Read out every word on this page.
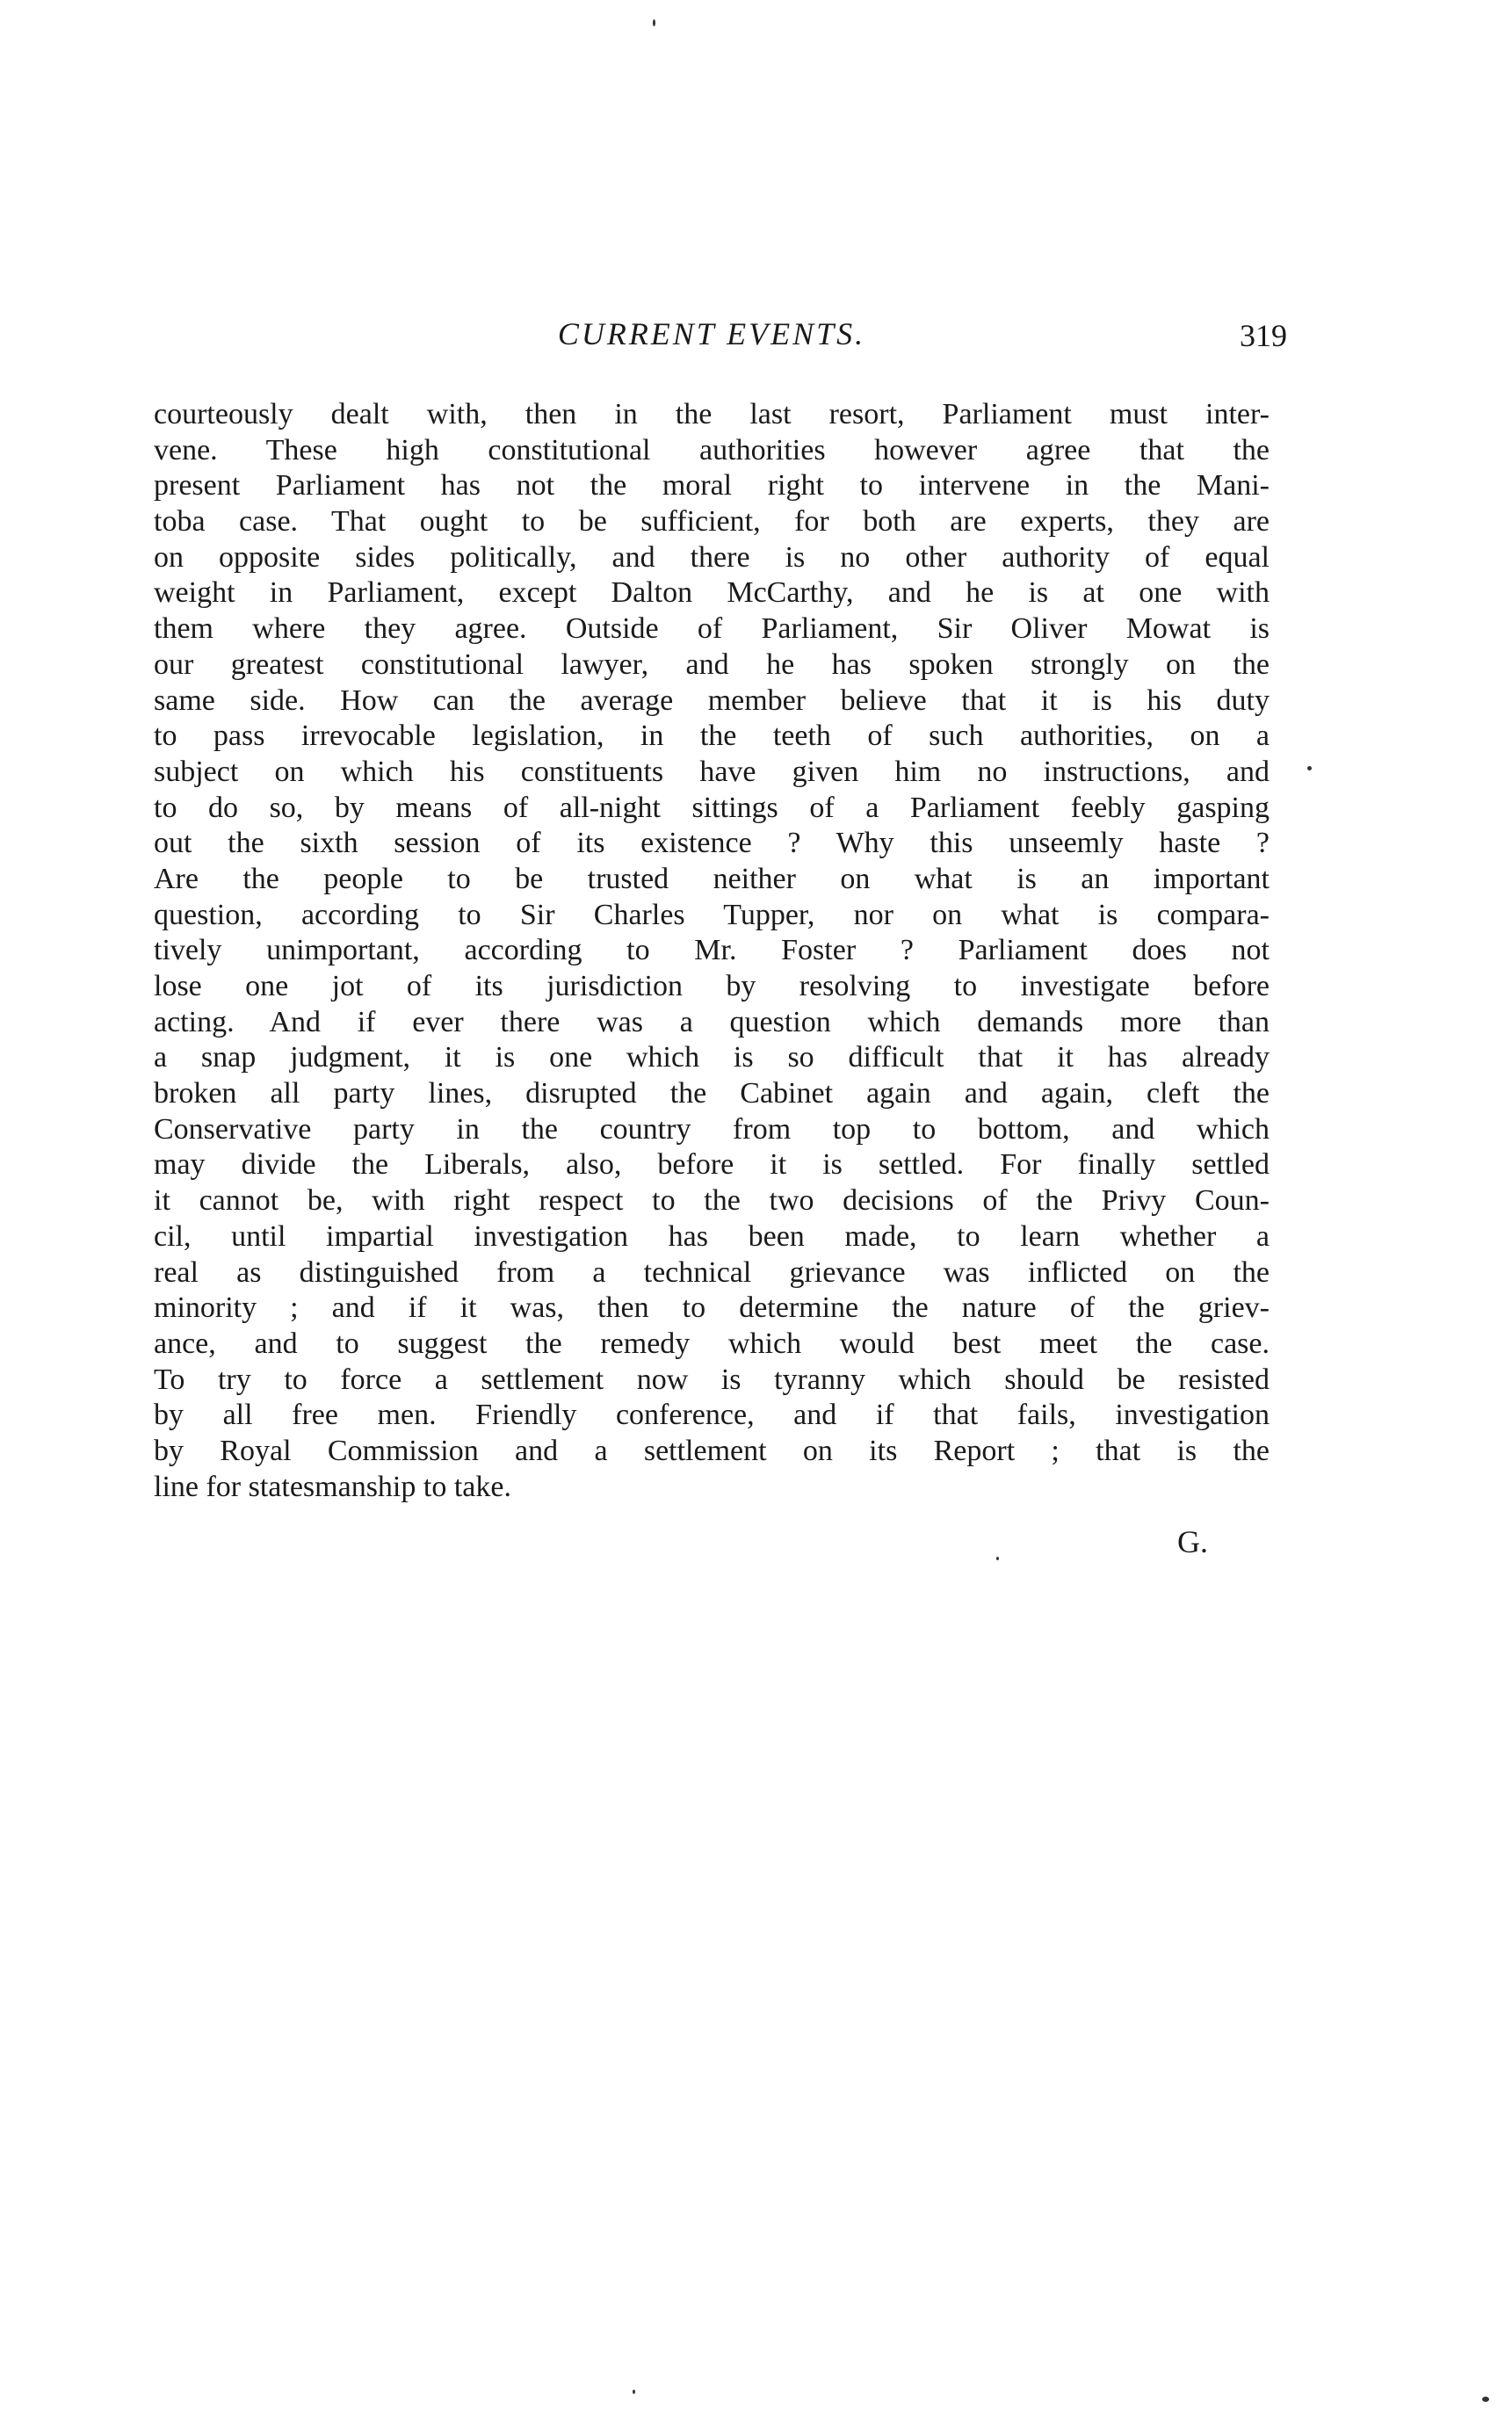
CURRENT EVENTS.	319
courteously dealt with, then in the last resort, Parliament must inter-
vene. These high constitutional authorities however agree that the
present Parliament has not the moral right to intervene in the Mani-
toba case. That ought to be sufficient, for both are experts, they are
on opposite sides politically, and there is no other authority of equal
weight in Parliament, except Dalton McCarthy, and he is at one with
them where they agree. Outside of Parliament, Sir Oliver Mowat is
our greatest constitutional lawyer, and he has spoken strongly on the
same side. How can the average member believe that it is his duty
to pass irrevocable legislation, in the teeth of such authorities, on a
subject on which his constituents have given him no instructions, and
to do so, by means of all-night sittings of a Parliament feebly gasping
out the sixth session of its existence ? Why this unseemly haste ?
Are the people to be trusted neither on what is an important
question, according to Sir Charles Tupper, nor on what is compara-
tively unimportant, according to Mr. Foster ? Parliament does not
lose one jot of its jurisdiction by resolving to investigate before
acting. And if ever there was a question which demands more than
a snap judgment, it is one which is so difficult that it has already
broken all party lines, disrupted the Cabinet again and again, cleft the
Conservative party in the country from top to bottom, and which
may divide the Liberals, also, before it is settled. For finally settled
it cannot be, with right respect to the two decisions of the Privy Coun-
cil, until impartial investigation has been made, to learn whether a
real as distinguished from a technical grievance was inflicted on the
minority ; and if it was, then to determine the nature of the griev-
ance, and to suggest the remedy which would best meet the case.
To try to force a settlement now is tyranny which should be resisted
by all free men. Friendly conference, and if that fails, investigation
by Royal Commission and a settlement on its Report ; that is the
line for statesmanship to take.
G.
